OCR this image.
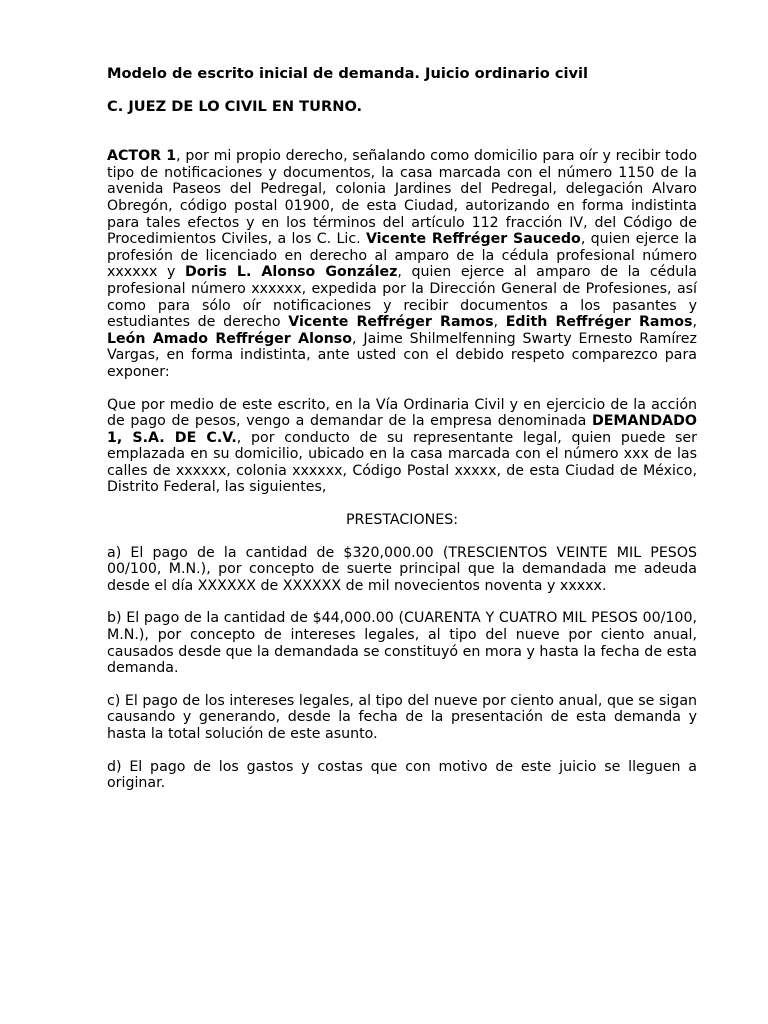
Modelo de escrito inicial de demanda. Juicio ordinario civil
C. JUEZ DE LO CIVIL EN TURNO.

ACTOR 1, por mi propio derecho, señalando como domicilio para oír y recibir todo tipo de notificaciones y documentos, la casa marcada con el número 1150 de la avenida Paseos del Pedregal, colonia Jardines del Pedregal, delegación Alvaro Obregón, código postal 01900, de esta Ciudad, autorizando en forma indistinta para tales efectos y en los términos del artículo 112 fracción IV, del Código de Procedimientos Civiles, a los C. Lic. Vicente Reffréger Saucedo, quien ejerce la profesión de licenciado en derecho al amparo de la cédula profesional número xxxxxx y Doris L. Alonso González, quien ejerce al amparo de la cédula profesional número xxxxxx, expedida por la Dirección General de Profesiones, así como para sólo oír notificaciones y recibir documentos a los pasantes y estudiantes de derecho Vicente Reffréger Ramos, Edith Reffréger Ramos, León Amado Reffréger Alonso, Jaime Shilmelfenning Swarty Ernesto Ramírez Vargas, en forma indistinta, ante usted con el debido respeto comparezco para exponer:

Que por medio de este escrito, en la Vía Ordinaria Civil y en ejercicio de la acción de pago de pesos, vengo a demandar de la empresa denominada DEMANDADO 1, S.A. DE C.V., por conducto de su representante legal, quien puede ser emplazada en su domicilio, ubicado en la casa marcada con el número xxx de las calles de xxxxxx, colonia xxxxxx, Código Postal xxxxx, de esta Ciudad de México, Distrito Federal, las siguientes,

PRESTACIONES:

a) El pago de la cantidad de $320,000.00 (TRESCIENTOS VEINTE MIL PESOS 00/100, M.N.), por concepto de suerte principal que la demandada me adeuda desde el día XXXXXX de XXXXXX de mil novecientos noventa y xxxxx.

b) El pago de la cantidad de $44,000.00 (CUARENTA Y CUATRO MIL PESOS 00/100, M.N.), por concepto de intereses legales, al tipo del nueve por ciento anual, causados desde que la demandada se constituyó en mora y hasta la fecha de esta demanda.

c) El pago de los intereses legales, al tipo del nueve por ciento anual, que se sigan causando y generando, desde la fecha de la presentación de esta demanda y hasta la total solución de este asunto.

d) El pago de los gastos y costas que con motivo de este juicio se lleguen a originar.
